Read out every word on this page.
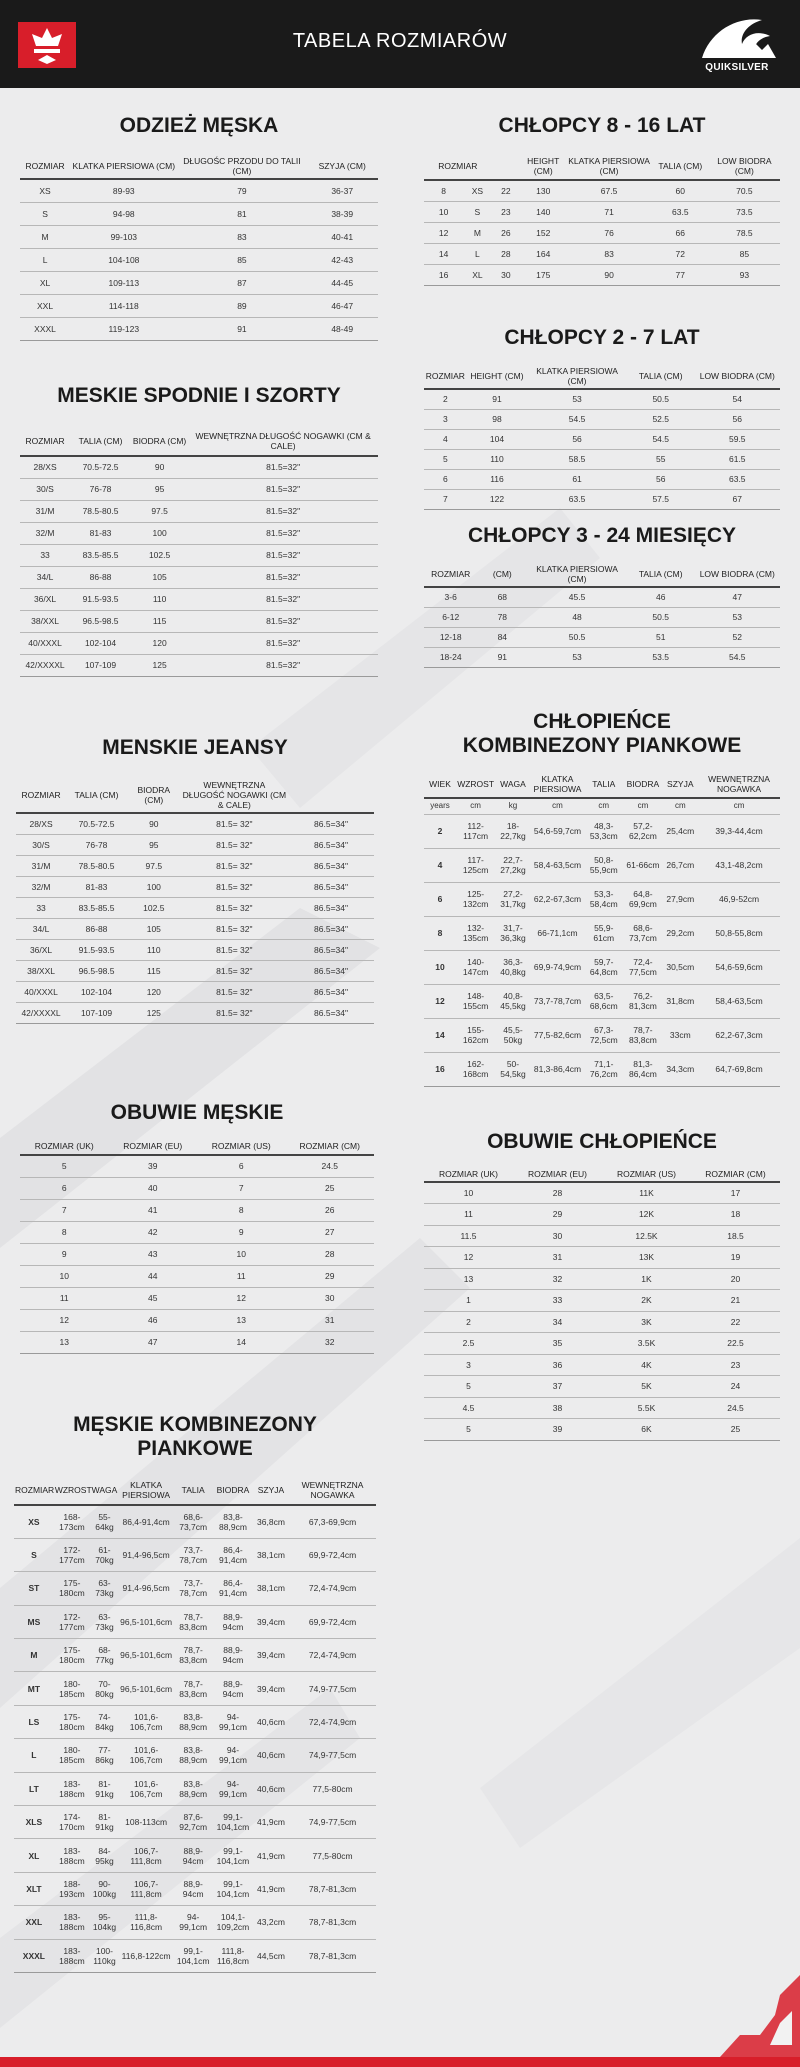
TABELA ROZMIARÓW
QUIKSILVER
ODZIEŻ MĘSKA
ROZMIAR	KLATKA PIERSIOWA (CM)	DŁUGOŚC PRZODU DO TALII (CM)	SZYJA (CM)
XS	89-93	79	36-37
S	94-98	81	38-39
M	99-103	83	40-41
L	104-108	85	42-43
XL	109-113	87	44-45
XXL	114-118	89	46-47
XXXL	119-123	91	48-49
CHŁOPCY 8 - 16 LAT
ROZMIAR			HEIGHT (CM)	KLATKA PIERSIOWA (CM)	TALIA (CM)	LOW BIODRA (CM)
8	XS	22	130	67.5	60	70.5
10	S	23	140	71	63.5	73.5
12	M	26	152	76	66	78.5
14	L	28	164	83	72	85
16	XL	30	175	90	77	93
CHŁOPCY 2 - 7 LAT
ROZMIAR	HEIGHT (CM)	KLATKA PIERSIOWA (CM)	TALIA (CM)	LOW BIODRA (CM)
2	91	53	50.5	54
3	98	54.5	52.5	56
4	104	56	54.5	59.5
5	110	58.5	55	61.5
6	116	61	56	63.5
7	122	63.5	57.5	67
MESKIE SPODNIE I SZORTY
ROZMIAR	TALIA (CM)	BIODRA (CM)	WEWNĘTRZNA DŁUGOŚĆ NOGAWKI (CM & CALE)
28/XS	70.5-72.5	90	81.5=32"
30/S	76-78	95	81.5=32"
31/M	78.5-80.5	97.5	81.5=32"
32/M	81-83	100	81.5=32"
33	83.5-85.5	102.5	81.5=32"
34/L	86-88	105	81.5=32"
36/XL	91.5-93.5	110	81.5=32"
38/XXL	96.5-98.5	115	81.5=32"
40/XXXL	102-104	120	81.5=32"
42/XXXXL	107-109	125	81.5=32"
CHŁOPCY 3 - 24 MIESIĘCY
ROZMIAR	(CM)	KLATKA PIERSIOWA (CM)	TALIA (CM)	LOW BIODRA (CM)
3-6	68	45.5	46	47
6-12	78	48	50.5	53
12-18	84	50.5	51	52
18-24	91	53	53.5	54.5
MENSKIE JEANSY
ROZMIAR	TALIA (CM)	BIODRA (CM)	WEWNĘTRZNA DŁUGOŚĆ NOGAWKI (CM & CALE)	
28/XS	70.5-72.5	90	81.5= 32"	86.5=34"
30/S	76-78	95	81.5= 32"	86.5=34"
31/M	78.5-80.5	97.5	81.5= 32"	86.5=34"
32/M	81-83	100	81.5= 32"	86.5=34"
33	83.5-85.5	102.5	81.5= 32"	86.5=34"
34/L	86-88	105	81.5= 32"	86.5=34"
36/XL	91.5-93.5	110	81.5= 32"	86.5=34"
38/XXL	96.5-98.5	115	81.5= 32"	86.5=34"
40/XXXL	102-104	120	81.5= 32"	86.5=34"
42/XXXXL	107-109	125	81.5= 32"	86.5=34"
CHŁOPIEŃCE KOMBINEZONY PIANKOWE
WIEK	WZROST	WAGA	KLATKA PIERSIOWA	TALIA	BIODRA	SZYJA	WEWNĘTRZNA NOGAWKA
years	cm	kg	cm	cm	cm	cm	cm
2	112-117cm	18-22,7kg	54,6-59,7cm	48,3-53,3cm	57,2-62,2cm	25,4cm	39,3-44,4cm
4	117-125cm	22,7-27,2kg	58,4-63,5cm	50,8-55,9cm	61-66cm	26,7cm	43,1-48,2cm
6	125-132cm	27,2-31,7kg	62,2-67,3cm	53,3-58,4cm	64,8-69,9cm	27,9cm	46,9-52cm
8	132-135cm	31,7-36,3kg	66-71,1cm	55,9-61cm	68,6-73,7cm	29,2cm	50,8-55,8cm
10	140-147cm	36,3-40,8kg	69,9-74,9cm	59,7-64,8cm	72,4-77,5cm	30,5cm	54,6-59,6cm
12	148-155cm	40,8-45,5kg	73,7-78,7cm	63,5-68,6cm	76,2-81,3cm	31,8cm	58,4-63,5cm
14	155-162cm	45,5-50kg	77,5-82,6cm	67,3-72,5cm	78,7-83,8cm	33cm	62,2-67,3cm
16	162-168cm	50-54,5kg	81,3-86,4cm	71,1-76,2cm	81,3-86,4cm	34,3cm	64,7-69,8cm
OBUWIE MĘSKIE
ROZMIAR (UK)	ROZMIAR (EU)	ROZMIAR (US)	ROZMIAR (CM)
5	39	6	24.5
6	40	7	25
7	41	8	26
8	42	9	27
9	43	10	28
10	44	11	29
11	45	12	30
12	46	13	31
13	47	14	32
OBUWIE CHŁOPIEŃCE
ROZMIAR (UK)	ROZMIAR (EU)	ROZMIAR (US)	ROZMIAR (CM)
10	28	11K	17
11	29	12K	18
11.5	30	12.5K	18.5
12	31	13K	19
13	32	1K	20
1	33	2K	21
2	34	3K	22
2.5	35	3.5K	22.5
3	36	4K	23
5	37	5K	24
4.5	38	5.5K	24.5
5	39	6K	25
MĘSKIE KOMBINEZONY PIANKOWE
ROZMIAR	WZROST	WAGA	KLATKA PIERSIOWA	TALIA	BIODRA	SZYJA	WEWNĘTRZNA NOGAWKA
XS	168-173cm	55-64kg	86,4-91,4cm	68,6-73,7cm	83,8-88,9cm	36,8cm	67,3-69,9cm
S	172-177cm	61-70kg	91,4-96,5cm	73,7-78,7cm	86,4-91,4cm	38,1cm	69,9-72,4cm
ST	175-180cm	63-73kg	91,4-96,5cm	73,7-78,7cm	86,4-91,4cm	38,1cm	72,4-74,9cm
MS	172-177cm	63-73kg	96,5-101,6cm	78,7-83,8cm	88,9-94cm	39,4cm	69,9-72,4cm
M	175-180cm	68-77kg	96,5-101,6cm	78,7-83,8cm	88,9-94cm	39,4cm	72,4-74,9cm
MT	180-185cm	70-80kg	96,5-101,6cm	78,7-83,8cm	88,9-94cm	39,4cm	74,9-77,5cm
LS	175-180cm	74-84kg	101,6-106,7cm	83,8-88,9cm	94-99,1cm	40,6cm	72,4-74,9cm
L	180-185cm	77-86kg	101,6-106,7cm	83,8-88,9cm	94-99,1cm	40,6cm	74,9-77,5cm
LT	183-188cm	81-91kg	101,6-106,7cm	83,8-88,9cm	94-99,1cm	40,6cm	77,5-80cm
XLS	174-170cm	81-91kg	108-113cm	87,6-92,7cm	99,1-104,1cm	41,9cm	74,9-77,5cm
XL	183-188cm	84-95kg	106,7-111,8cm	88,9-94cm	99,1-104,1cm	41,9cm	77,5-80cm
XLT	188-193cm	90-100kg	106,7-111,8cm	88,9-94cm	99,1-104,1cm	41,9cm	78,7-81,3cm
XXL	183-188cm	95-104kg	111,8-116,8cm	94-99,1cm	104,1-109,2cm	43,2cm	78,7-81,3cm
XXXL	183-188cm	100-110kg	116,8-122cm	99,1-104,1cm	111,8-116,8cm	44,5cm	78,7-81,3cm
